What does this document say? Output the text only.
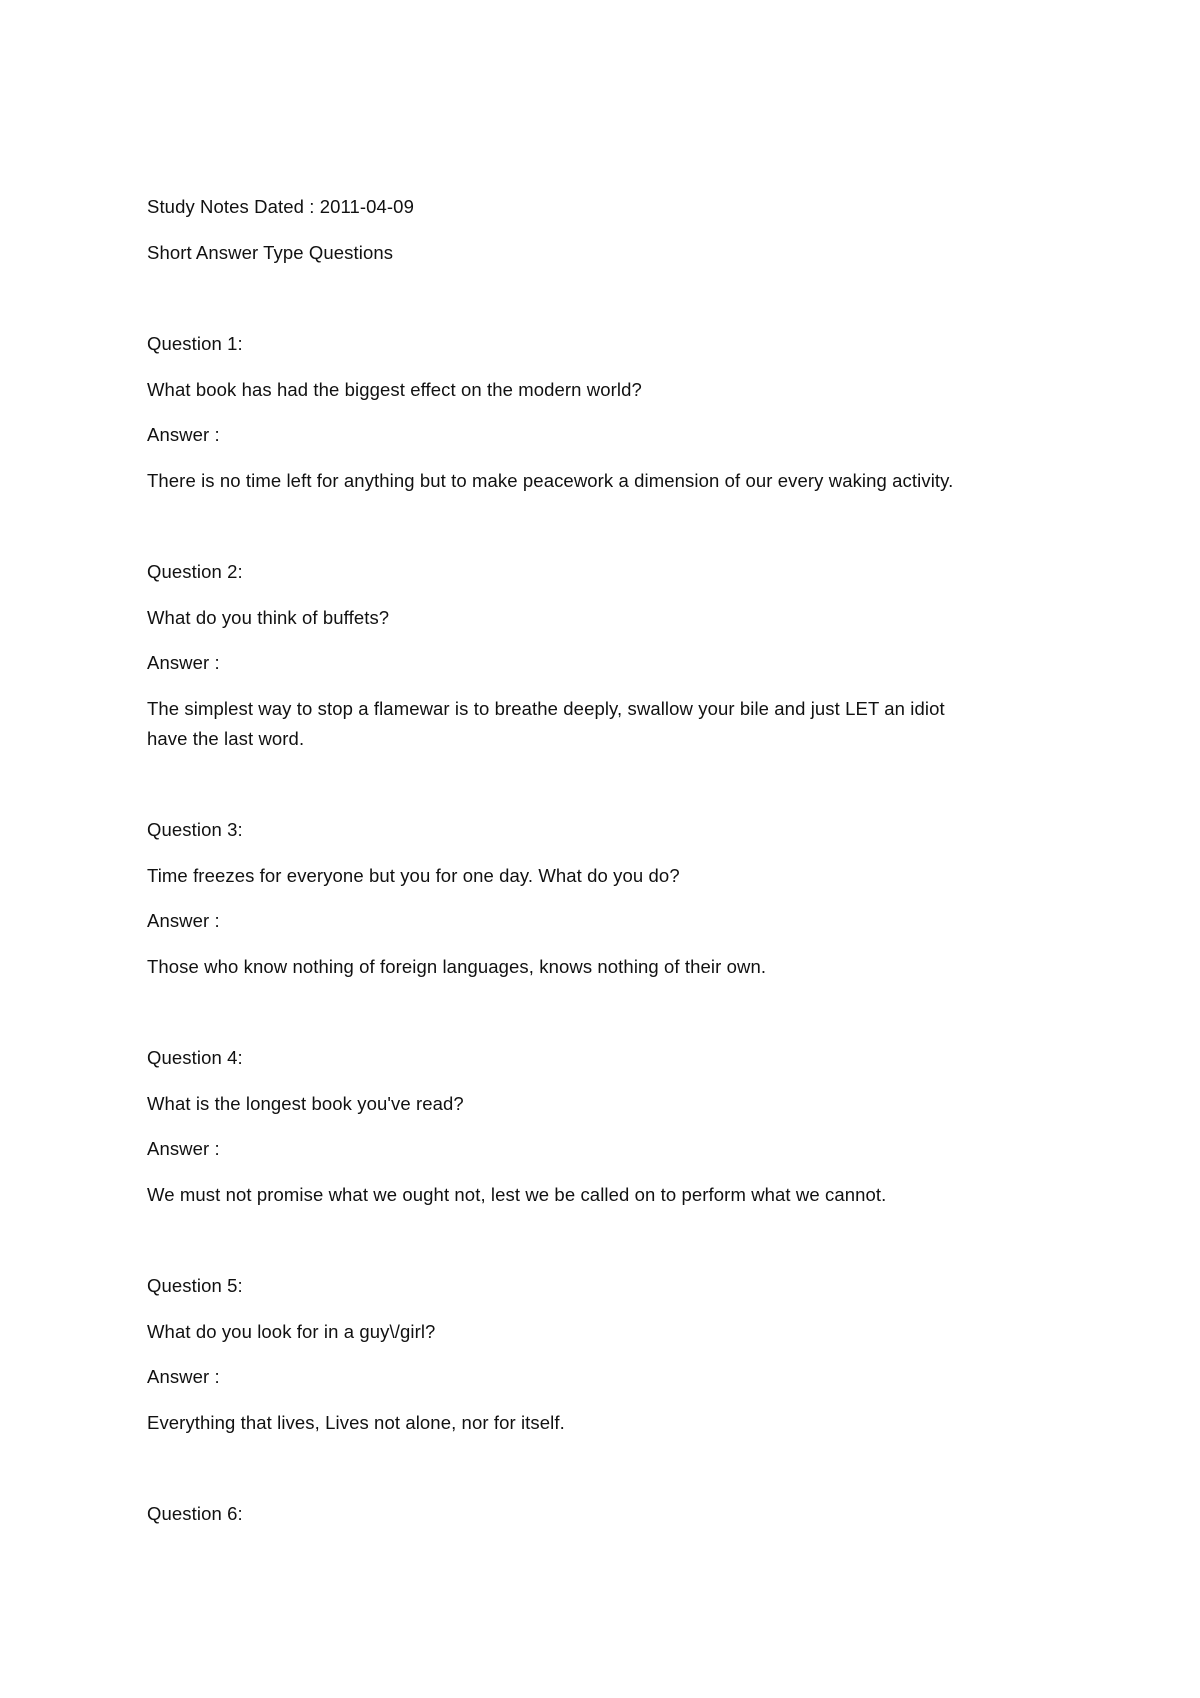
Study Notes Dated : 2011-04-09
Short Answer Type Questions
Question 1:
What book has had the biggest effect on the modern world?
Answer :
There is no time left for anything but to make peacework a dimension of our every waking activity.
Question 2:
What do you think of buffets?
Answer :
The simplest way to stop a flamewar is to breathe deeply, swallow your bile and just LET an idiot
have the last word.
Question 3:
Time freezes for everyone but you for one day. What do you do?
Answer :
Those who know nothing of foreign languages, knows nothing of their own.
Question 4:
What is the longest book you've read?
Answer :
We must not promise what we ought not, lest we be called on to perform what we cannot.
Question 5:
What do you look for in a guy\/girl?
Answer :
Everything that lives, Lives not alone, nor for itself.
Question 6:
